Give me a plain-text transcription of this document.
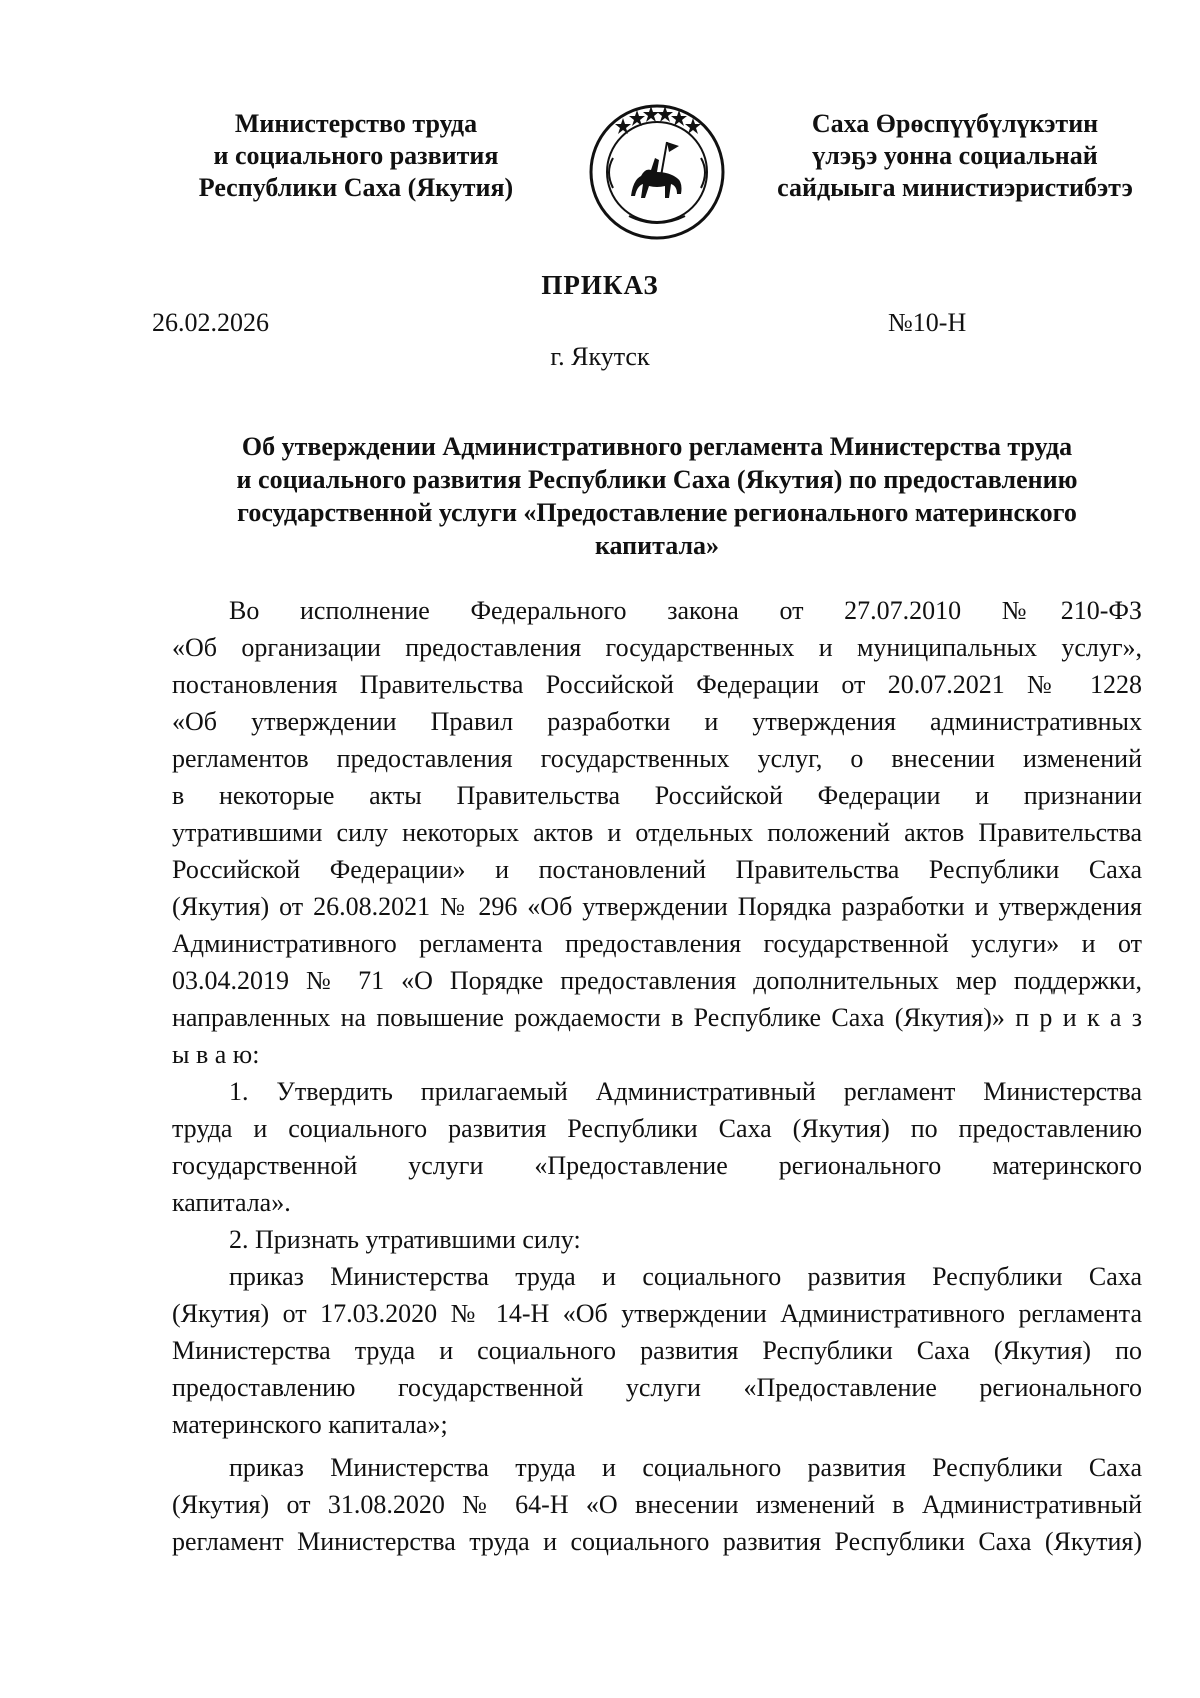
Министерство труда
и социального развития
Республики Саха (Якутия)
Саха Өрөспүүбүлүкэтин
үлэҕэ уонна социальнай
сайдыыга министиэристибэтэ
ПРИКАЗ
26.02.2026	№10-Н
г. Якутск
Об утверждении Административного регламента Министерства труда
и социального развития Республики Саха (Якутия) по предоставлению
государственной услуги «Предоставление регионального материнского
капитала»
Во исполнение Федерального закона от 27.07.2010 №210-ФЗ
«Об организации предоставления государственных и муниципальных услуг»,
постановления Правительства Российской Федерации от 20.07.2021 № 1228
«Об утверждении Правил разработки и утверждения административных
регламентов предоставления государственных услуг, о внесении изменений
в некоторые акты Правительства Российской Федерации и признании
утратившими силу некоторых актов и отдельных положений актов Правительства
Российской Федерации» и постановлений Правительства Республики Саха
(Якутия) от 26.08.2021 № 296 «Об утверждении Порядка разработки и утверждения
Административного регламента предоставления государственной услуги» и от
03.04.2019 № 71 «О Порядке предоставления дополнительных мер поддержки,
направленных на повышение рождаемости в Республике Саха (Якутия)» п р и к а з
ы в а ю:
1. Утвердить прилагаемый Административный регламент Министерства
труда и социального развития Республики Саха (Якутия) по предоставлению
государственной услуги «Предоставление регионального материнского
капитала».
2. Признать утратившими силу:
приказ Министерства труда и социального развития Республики Саха
(Якутия) от 17.03.2020 № 14-Н «Об утверждении Административного регламента
Министерства труда и социального развития Республики Саха (Якутия) по
предоставлению государственной услуги «Предоставление регионального
материнского капитала»;
приказ Министерства труда и социального развития Республики Саха
(Якутия) от 31.08.2020 № 64-Н «О внесении изменений в Административный
регламент Министерства труда и социального развития Республики Саха (Якутия)
